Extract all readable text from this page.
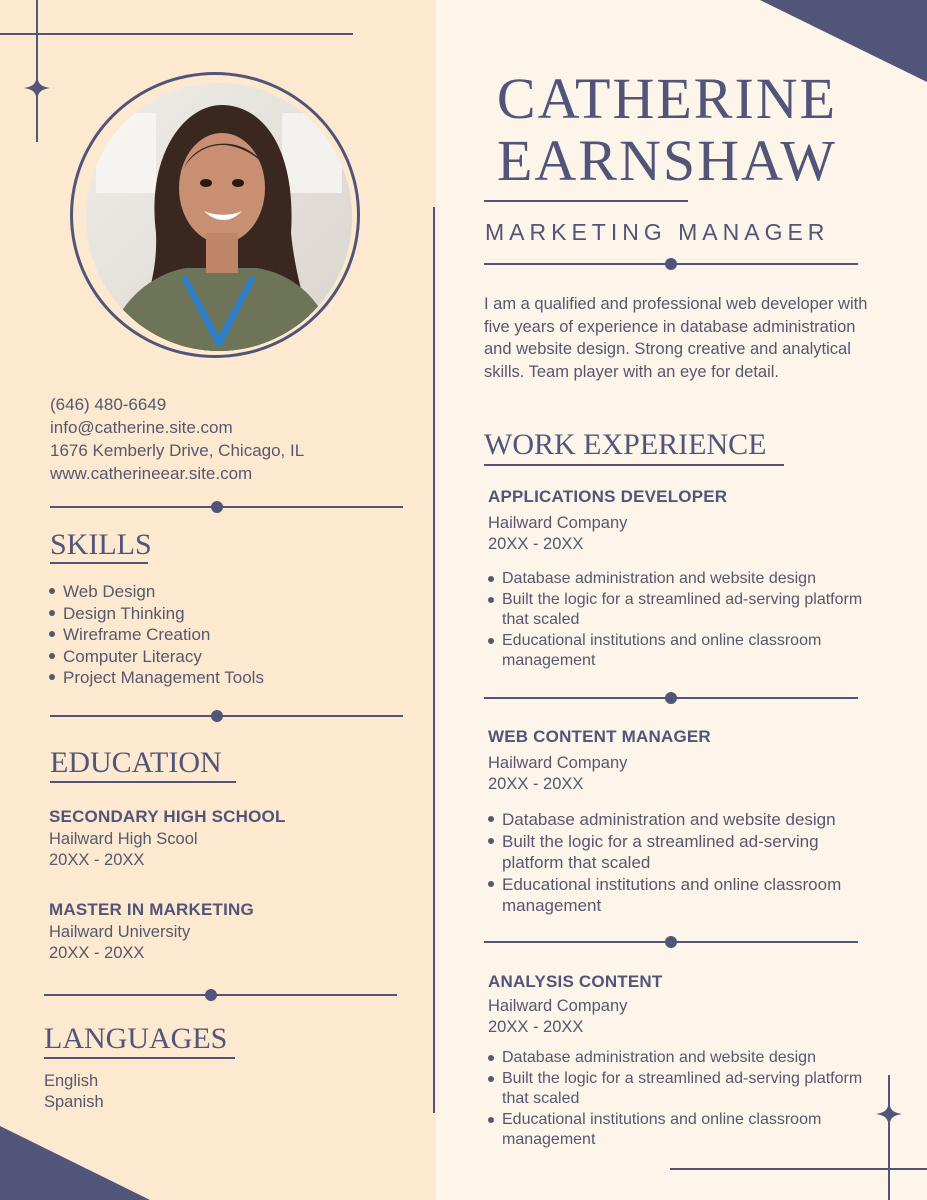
(646) 480-6649
info@catherine.site.com
1676 Kemberly Drive, Chicago, IL
www.catherineear.site.com
SKILLS
Web Design
Design Thinking
Wireframe Creation
Computer Literacy
Project Management Tools
EDUCATION
SECONDARY HIGH SCHOOL
Hailward High Scool
20XX - 20XX
MASTER IN MARKETING
Hailward University
20XX - 20XX
LANGUAGES
English
Spanish
CATHERINE
EARNSHAW
MARKETING MANAGER
I am a qualified and professional web developer with five years of experience in database administration and website design. Strong creative and analytical skills. Team player with an eye for detail.
WORK EXPERIENCE
APPLICATIONS DEVELOPER
Hailward Company
20XX - 20XX
Database administration and website design
Built the logic for a streamlined ad-serving platform that scaled
Educational institutions and online classroom management
WEB CONTENT MANAGER
Hailward Company
20XX - 20XX
Database administration and website design
Built the logic for a streamlined ad-serving platform that scaled
Educational institutions and online classroom management
ANALYSIS CONTENT
Hailward Company
20XX - 20XX
Database administration and website design
Built the logic for a streamlined ad-serving platform that scaled
Educational institutions and online classroom management
